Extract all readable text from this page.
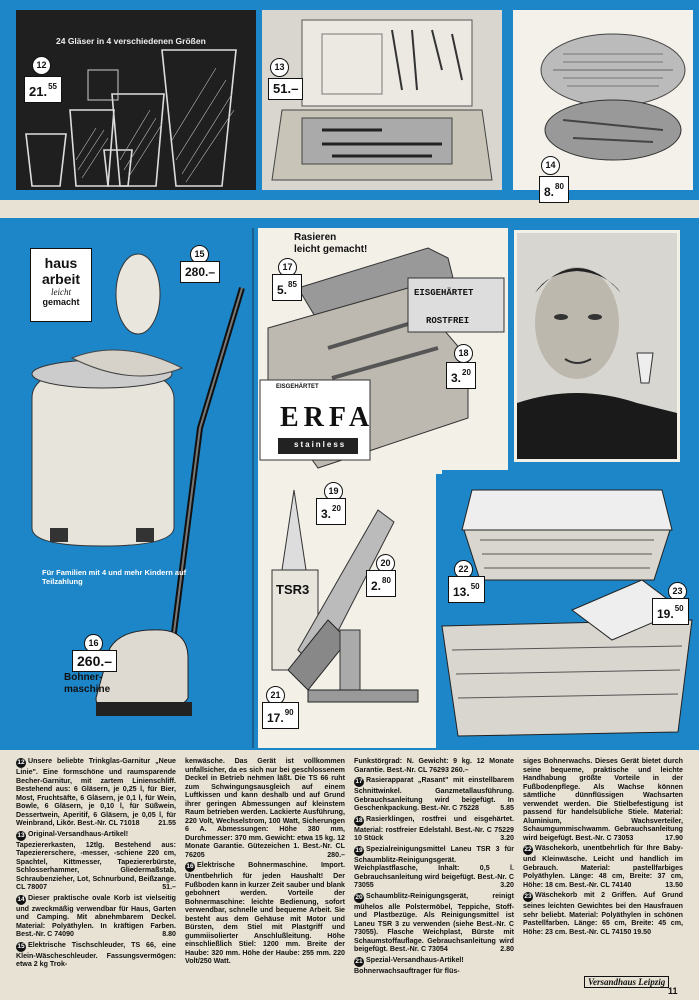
24 Gläser in 4 verschiedenen Größen
12
21.55
13
51.–
14
8.80
haus
arbeit
leicht
gemacht
15
280.–
Für Familien mit 4 und mehr Kindern auf Teilzahlung
16
260.–
Bohner-
maschine
Rasieren
leicht gemacht!
EISGEHÄRTET
ROSTFREI
EISGEHÄRTET
ERFA
stainless
17
5.85
18
3.20
TSR3
19
3.20
20
2.80
21
17.90
22
13.50	23
19.50
12 Unsere beliebte Trinkglas-Garnitur „Neue Linie". Eine formschöne und raumsparende Becher-Garnitur, mit zartem Linienschliff. Bestehend aus: 6 Gläsern, je 0,25 l, für Bier, Most, Fruchtsäfte, 6 Gläsern, je 0,1 l, für Wein, Bowle, 6 Gläsern, je 0,10 l, für Süßwein, Dessertwein, Aperitif, 6 Gläsern, je 0,05 l, für Weinbrand, Likör. Best.-Nr. CL 71018	21.55
13 Original-Versandhaus-Artikel! Tapeziererkasten, 12tlg. Bestehend aus: Tapeziererschere, -messer, -schiene 220 cm, Spachtel, Kittmesser, Tapeziererbürste, Schlosserhammer, Gliedermaßstab, Schraubenzieher, Lot, Schnurbund, Beißzange. CL 78007	51.–
14 Dieser praktische ovale Korb ist vielseitig und zweckmäßig verwendbar für Haus, Garten und Camping. Mit abnehmbarem Deckel. Material: Polyäthylen. In kräftigen Farben. Best.-Nr. C 74090	8.80
15 Elektrische Tischschleuder, TS 66, eine Klein-Wäscheschleuder. Fassungsvermögen: etwa 2 kg Trok-
kenwäsche. Das Gerät ist vollkommen unfallsicher, da es sich nur bei geschlossenem Deckel in Betrieb nehmen läßt. Die TS 66 ruht zum Schwingungsausgleich auf einem Luftkissen und kann deshalb und auf Grund ihrer geringen Abmessungen auf kleinstem Raum betrieben werden. Lackierte Ausführung, 220 Volt, Wechselstrom, 100 Watt, Sicherungen 6 A. Abmessungen: Höhe 380 mm, Durchmesser: 370 mm. Gewicht: etwa 15 kg. 12 Monate Garantie. Gütezeichen 1. Best.-Nr. CL 76205	280.–
16 Elektrische Bohnermaschine. Import. Unentbehrlich für jeden Haushalt! Der Fußboden kann in kurzer Zeit sauber und blank gebohnert werden. Vorteile der Bohnermaschine: leichte Bedienung, sofort verwendbar, schnelle und bequeme Arbeit. Sie besteht aus dem Gehäuse mit Motor und Bürsten, dem Stiel mit Plastgriff und gummiisolierter Anschlußleitung. Höhe einschließlich Stiel: 1200 mm. Breite der Haube: 320 mm. Höhe der Haube: 255 mm. 220 Volt/250 Watt.
Funkstörgrad: N. Gewicht: 9 kg. 12 Monate Garantie. Best.-Nr. CL 76293 260.–
17 Rasierapparat „Rasant" mit einstellbarem Schnittwinkel. Ganzmetallausführung. Gebrauchsanleitung wird beigefügt. In Geschenkpackung. Best.-Nr. C 75228	5.85
18 Rasierklingen, rostfrei und eisgehärtet. Material: rostfreier Edelstahl. Best.-Nr. C 75229 10 Stück	3.20
19 Spezialreinigungsmittel Laneu TSR 3 für Schaumblitz-Reinigungsgerät. Weichplastflasche, Inhalt: 0,5 l. Gebrauchsanleitung wird beigefügt. Best.-Nr. C 73055	3.20
20 Schaumblitz-Reinigungsgerät, reinigt mühelos alle Polstermöbel, Teppiche, Stoff- und Plastbezüge. Als Reinigungsmittel ist Laneu TSR 3 zu verwenden (siehe Best.-Nr. C 73055). Flasche Weichplast, Bürste mit Schaumstoffauflage. Gebrauchsanleitung wird beigefügt. Best.-Nr. C 73054	2.80
21 Spezial-Versandhaus-Artikel! Bohnerwachsauftrager für flüs-
siges Bohnerwachs. Dieses Gerät bietet durch seine bequeme, praktische und leichte Handhabung größte Vorteile in der Fußbodenpflege. Als Wachse können sämtliche dünnflüssigen Wachsarten verwendet werden. Die Stielbefestigung ist passend für handelsübliche Stiele. Material: Aluminium, Wachsverteiler, Schaumgummischwamm. Gebrauchsanleitung wird beigefügt. Best.-Nr. C 73053	17.90
22 Wäschekorb, unentbehrlich für Ihre Baby- und Kleinwäsche. Leicht und handlich im Gebrauch. Material: pastellfarbiges Polyäthylen. Länge: 48 cm, Breite: 37 cm, Höhe: 18 cm. Best.-Nr. CL 74140	13.50
23 Wäschekorb mit 2 Griffen. Auf Grund seines leichten Gewichtes bei den Hausfrauen sehr beliebt. Material: Polyäthylen in schönen Pastellfarben. Länge: 65 cm, Breite: 45 cm, Höhe: 23 cm. Best.-Nr. CL 74150 19.50
Versandhaus Leipzig
11
